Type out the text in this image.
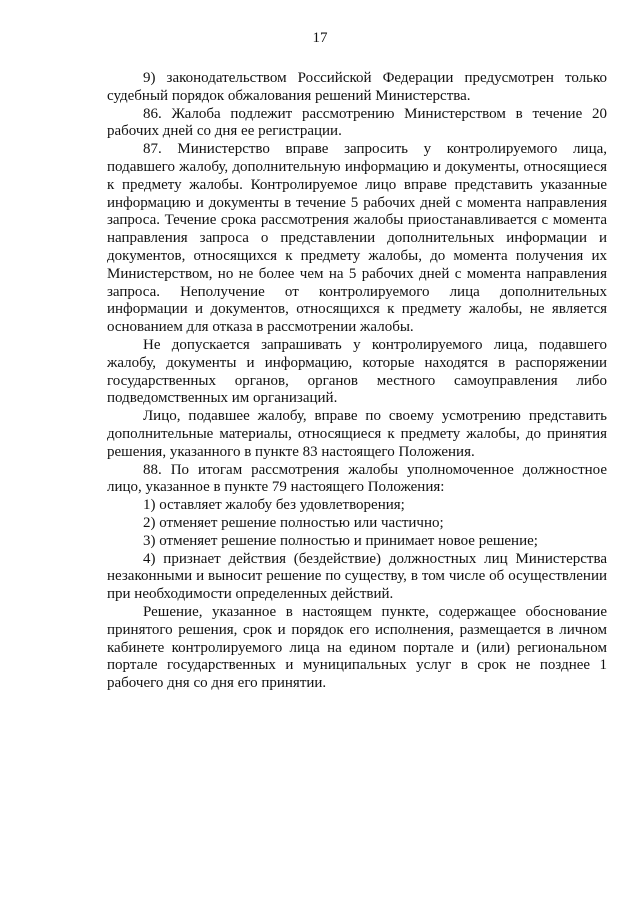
17

9) законодательством Российской Федерации предусмотрен только судебный порядок обжалования решений Министерства.

86. Жалоба подлежит рассмотрению Министерством в течение 20 рабочих дней со дня ее регистрации.

87. Министерство вправе запросить у контролируемого лица, подавшего жалобу, дополнительную информацию и документы, относящиеся к предмету жалобы. Контролируемое лицо вправе представить указанные информацию и документы в течение 5 рабочих дней с момента направления запроса. Течение срока рассмотрения жалобы приостанавливается с момента направления запроса о представлении дополнительных информации и документов, относящихся к предмету жалобы, до момента получения их Министерством, но не более чем на 5 рабочих дней с момента направления запроса. Неполучение от контролируемого лица дополнительных информации и документов, относящихся к предмету жалобы, не является основанием для отказа в рассмотрении жалобы.

Не допускается запрашивать у контролируемого лица, подавшего жалобу, документы и информацию, которые находятся в распоряжении государственных органов, органов местного самоуправления либо подведомственных им организаций.

Лицо, подавшее жалобу, вправе по своему усмотрению представить дополнительные материалы, относящиеся к предмету жалобы, до принятия решения, указанного в пункте 83 настоящего Положения.

88. По итогам рассмотрения жалобы уполномоченное должностное лицо, указанное в пункте 79 настоящего Положения:

1) оставляет жалобу без удовлетворения;

2) отменяет решение полностью или частично;

3) отменяет решение полностью и принимает новое решение;

4) признает действия (бездействие) должностных лиц Министерства незаконными и выносит решение по существу, в том числе об осуществлении при необходимости определенных действий.

Решение, указанное в настоящем пункте, содержащее обоснование принятого решения, срок и порядок его исполнения, размещается в личном кабинете контролируемого лица на едином портале и (или) региональном портале государственных и муниципальных услуг в срок не позднее 1 рабочего дня со дня его принятии.
